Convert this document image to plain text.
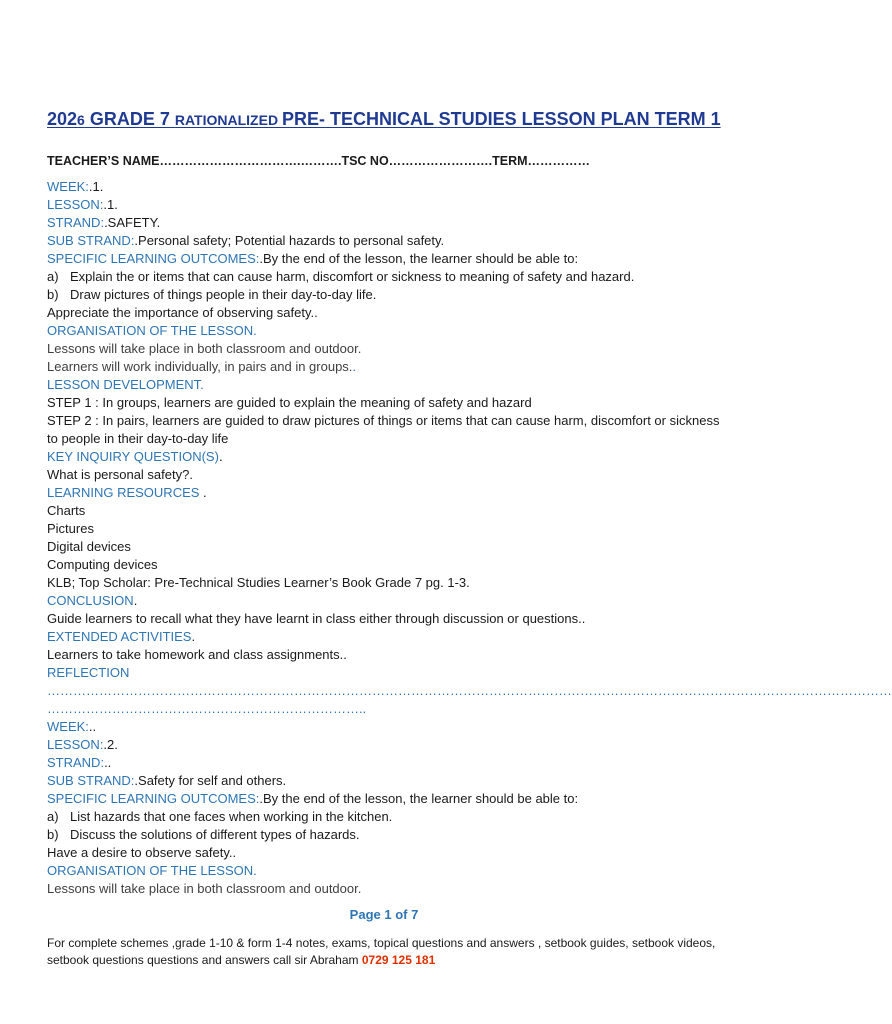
2026 GRADE 7 RATIONALIZED PRE- TECHNICAL STUDIES LESSON PLAN TERM 1
TEACHER’S NAME…………………………….……….TSC NO…………………….TERM……………
WEEK:.1.
LESSON:.1.
STRAND:.SAFETY.
SUB STRAND:.Personal safety; Potential hazards to personal safety.
SPECIFIC LEARNING OUTCOMES:.By the end of the lesson, the learner should be able to:
a) Explain the or items that can cause harm, discomfort or sickness to meaning of safety and hazard.
b) Draw pictures of things people in their day-to-day life.
Appreciate the importance of observing safety..
ORGANISATION OF THE LESSON.
Lessons will take place in both classroom and outdoor.
Learners will work individually, in pairs and in groups..
LESSON DEVELOPMENT.
STEP 1 : In groups, learners are guided to explain the meaning of safety and hazard
STEP 2 : In pairs, learners are guided to draw pictures of things or items that can cause harm, discomfort or sickness to people in their day-to-day life
KEY INQUIRY QUESTION(S).
What is personal safety?.
LEARNING RESOURCES .
Charts
Pictures
Digital devices
Computing devices
KLB; Top Scholar: Pre-Technical Studies Learner’s Book Grade 7 pg. 1-3.
CONCLUSION.
Guide learners to recall what they have learnt in class either through discussion or questions..
EXTENDED ACTIVITIES.
Learners to take homework and class assignments..
REFLECTION
……………………………………………………………………………………………………………………………………………………………………………
………………………………………………………………..
WEEK:..
LESSON:.2.
STRAND:..
SUB STRAND:.Safety for self and others.
SPECIFIC LEARNING OUTCOMES:.By the end of the lesson, the learner should be able to:
a) List hazards that one faces when working in the kitchen.
b) Discuss the solutions of different types of hazards.
Have a desire to observe safety..
ORGANISATION OF THE LESSON.
Lessons will take place in both classroom and outdoor.
Page 1 of 7
For complete schemes ,grade 1-10 & form 1-4 notes, exams, topical questions and answers , setbook guides, setbook videos, setbook questions questions and answers call sir Abraham 0729 125 181
